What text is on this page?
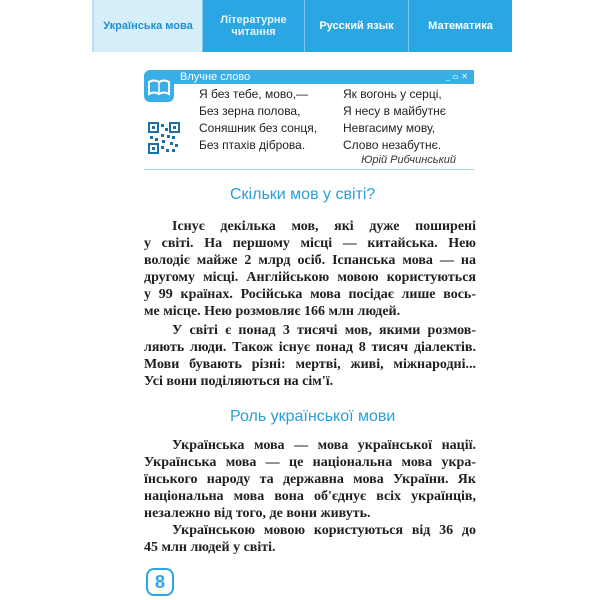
Українська мова	Літературне читання	Русский язык	Математика
Влучне слово	_ ▫ ✕
Я без тебе, мово,—
Без зерна полова,
Соняшник без сонця,
Без птахів діброва.
Як вогонь у серці,
Я несу в майбутнє
Невгасиму мову,
Слово незабутнє.
Юрій Рибчинський
Скільки мов у світі?

Існує декілька мов, які дуже поширені
у світі. На першому місці — китайська. Нею
володіє майже 2 млрд осіб. Іспанська мова — на
другому місці. Англійською мовою користуються
у 99 країнах. Російська мова посідає лише вось-
ме місце. Нею розмовляє 166 млн людей.

У світі є понад 3 тисячі мов, якими розмов-
ляють люди. Також існує понад 8 тисяч діалектів.
Мови бувають різні: мертві, живі, міжнародні...
Усі вони поділяються на сім'ї.

Роль української мови

Українська мова — мова української нації.
Українська мова — це національна мова укра-
їнського народу та державна мова України. Як
національна мова вона об'єднує всіх українців,
незалежно від того, де вони живуть.

Українською мовою користуються від 36 до
45 млн людей у світі.

8
